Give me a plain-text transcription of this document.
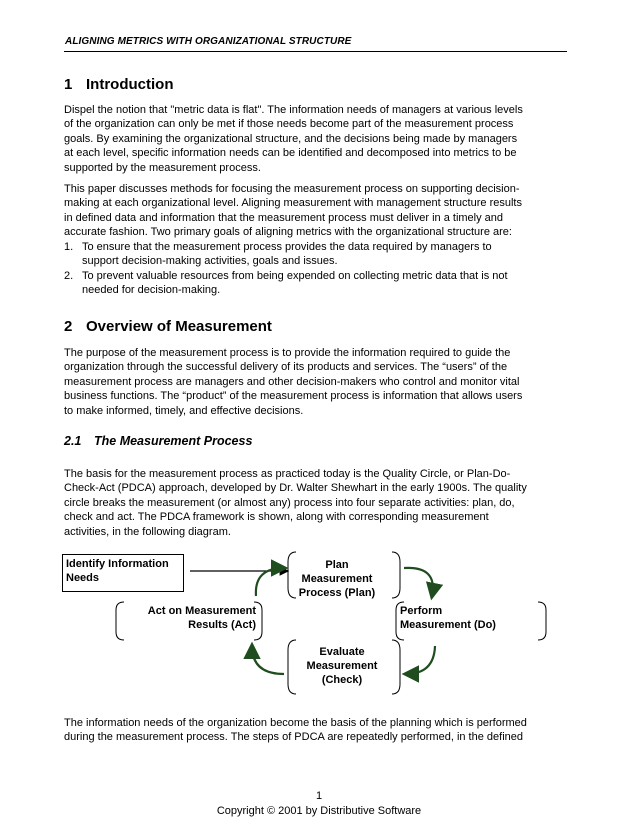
ALIGNING METRICS WITH ORGANIZATIONAL STRUCTURE
1 Introduction
Dispel the notion that "metric data is flat". The information needs of managers at various levels
of the organization can only be met if those needs become part of the measurement process
goals. By examining the organizational structure, and the decisions being made by managers
at each level, specific information needs can be identified and decomposed into metrics to be
supported by the measurement process.
This paper discusses methods for focusing the measurement process on supporting decision-
making at each organizational level. Aligning measurement with management structure results
in defined data and information that the measurement process must deliver in a timely and
accurate fashion. Two primary goals of aligning metrics with the organizational structure are:
1. To ensure that the measurement process provides the data required by managers to
support decision-making activities, goals and issues.
2. To prevent valuable resources from being expended on collecting metric data that is not
needed for decision-making.
2 Overview of Measurement
The purpose of the measurement process is to provide the information required to guide the
organization through the successful delivery of its products and services. The “users” of the
measurement process are managers and other decision-makers who control and monitor vital
business functions. The “product” of the measurement process is information that allows users
to make informed, timely, and effective decisions.
2.1 The Measurement Process
The basis for the measurement process as practiced today is the Quality Circle, or Plan-Do-
Check-Act (PDCA) approach, developed by Dr. Walter Shewhart in the early 1900s. The quality
circle breaks the measurement (or almost any) process into four separate activities: plan, do,
check and act. The PDCA framework is shown, along with corresponding measurement
activities, in the following diagram.
Identify Information
Needs
Plan
Measurement
Process (Plan)
Perform
Measurement (Do)
Act on Measurement
Results (Act)
Evaluate
Measurement
(Check)
The information needs of the organization become the basis of the planning which is performed
during the measurement process. The steps of PDCA are repeatedly performed, in the defined
1
Copyright © 2001 by Distributive Software
